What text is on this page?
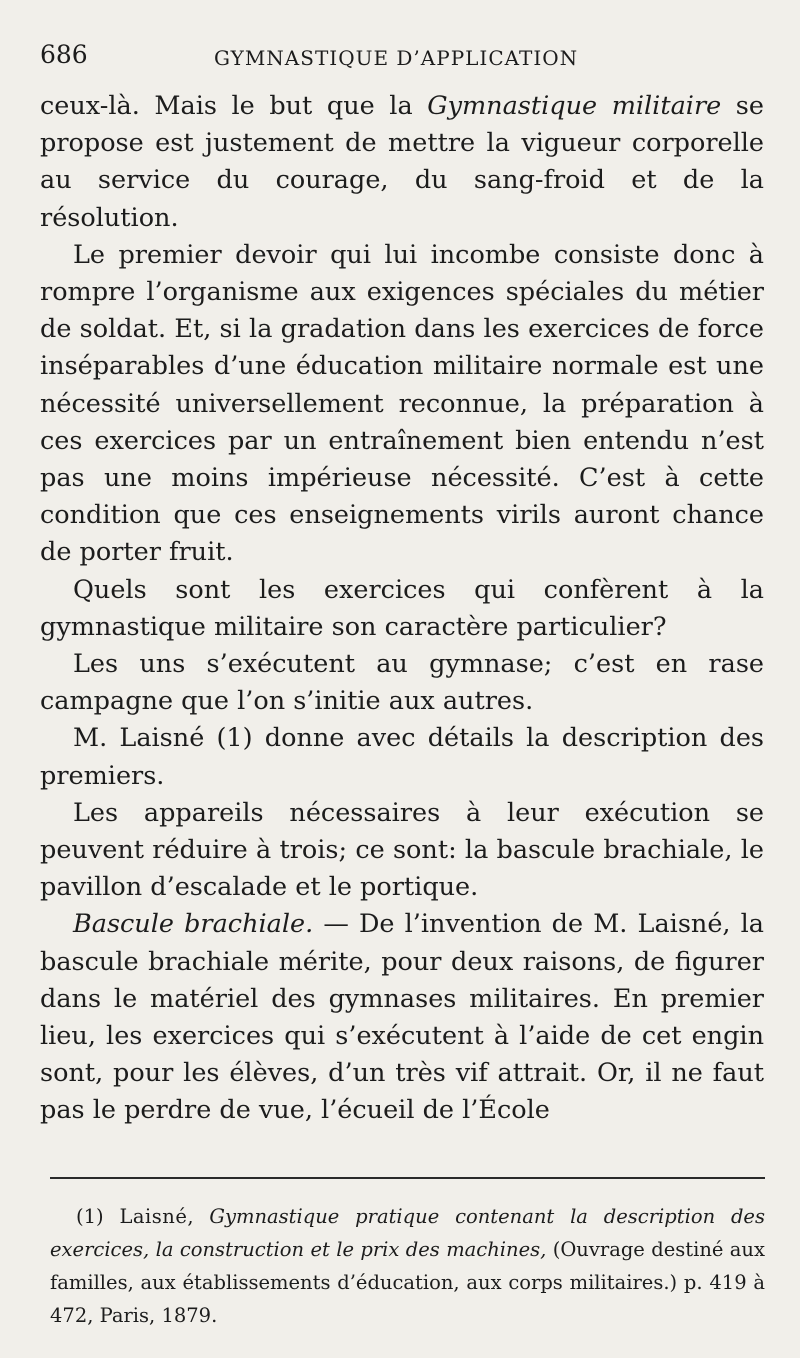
686	GYMNASTIQUE D’APPLICATION

ceux-là. Mais le but que la Gymnastique militaire se propose est justement de mettre la vigueur corporelle au service du courage, du sang-froid et de la résolution.

Le premier devoir qui lui incombe consiste donc à rompre l’organisme aux exigences spéciales du métier de soldat. Et, si la gradation dans les exercices de force inséparables d’une éducation militaire normale est une nécessité universellement reconnue, la préparation à ces exercices par un entraînement bien entendu n’est pas une moins impérieuse nécessité. C’est à cette condition que ces enseignements virils auront chance de porter fruit.

Quels sont les exercices qui confèrent à la gymnastique militaire son caractère particulier?

Les uns s’exécutent au gymnase; c’est en rase campagne que l’on s’initie aux autres.

M. Laisné (1) donne avec détails la description des premiers.

Les appareils nécessaires à leur exécution se peuvent réduire à trois; ce sont: la bascule brachiale, le pavillon d’escalade et le portique.

Bascule brachiale. — De l’invention de M. Laisné, la bascule brachiale mérite, pour deux raisons, de figurer dans le matériel des gymnases militaires. En premier lieu, les exercices qui s’exécutent à l’aide de cet engin sont, pour les élèves, d’un très vif attrait. Or, il ne faut pas le perdre de vue, l’écueil de l’École

(1) Laisné, Gymnastique pratique contenant la description des exercices, la construction et le prix des machines, (Ouvrage destiné aux familles, aux établissements d’éducation, aux corps militaires.) p. 419 à 472, Paris, 1879.
